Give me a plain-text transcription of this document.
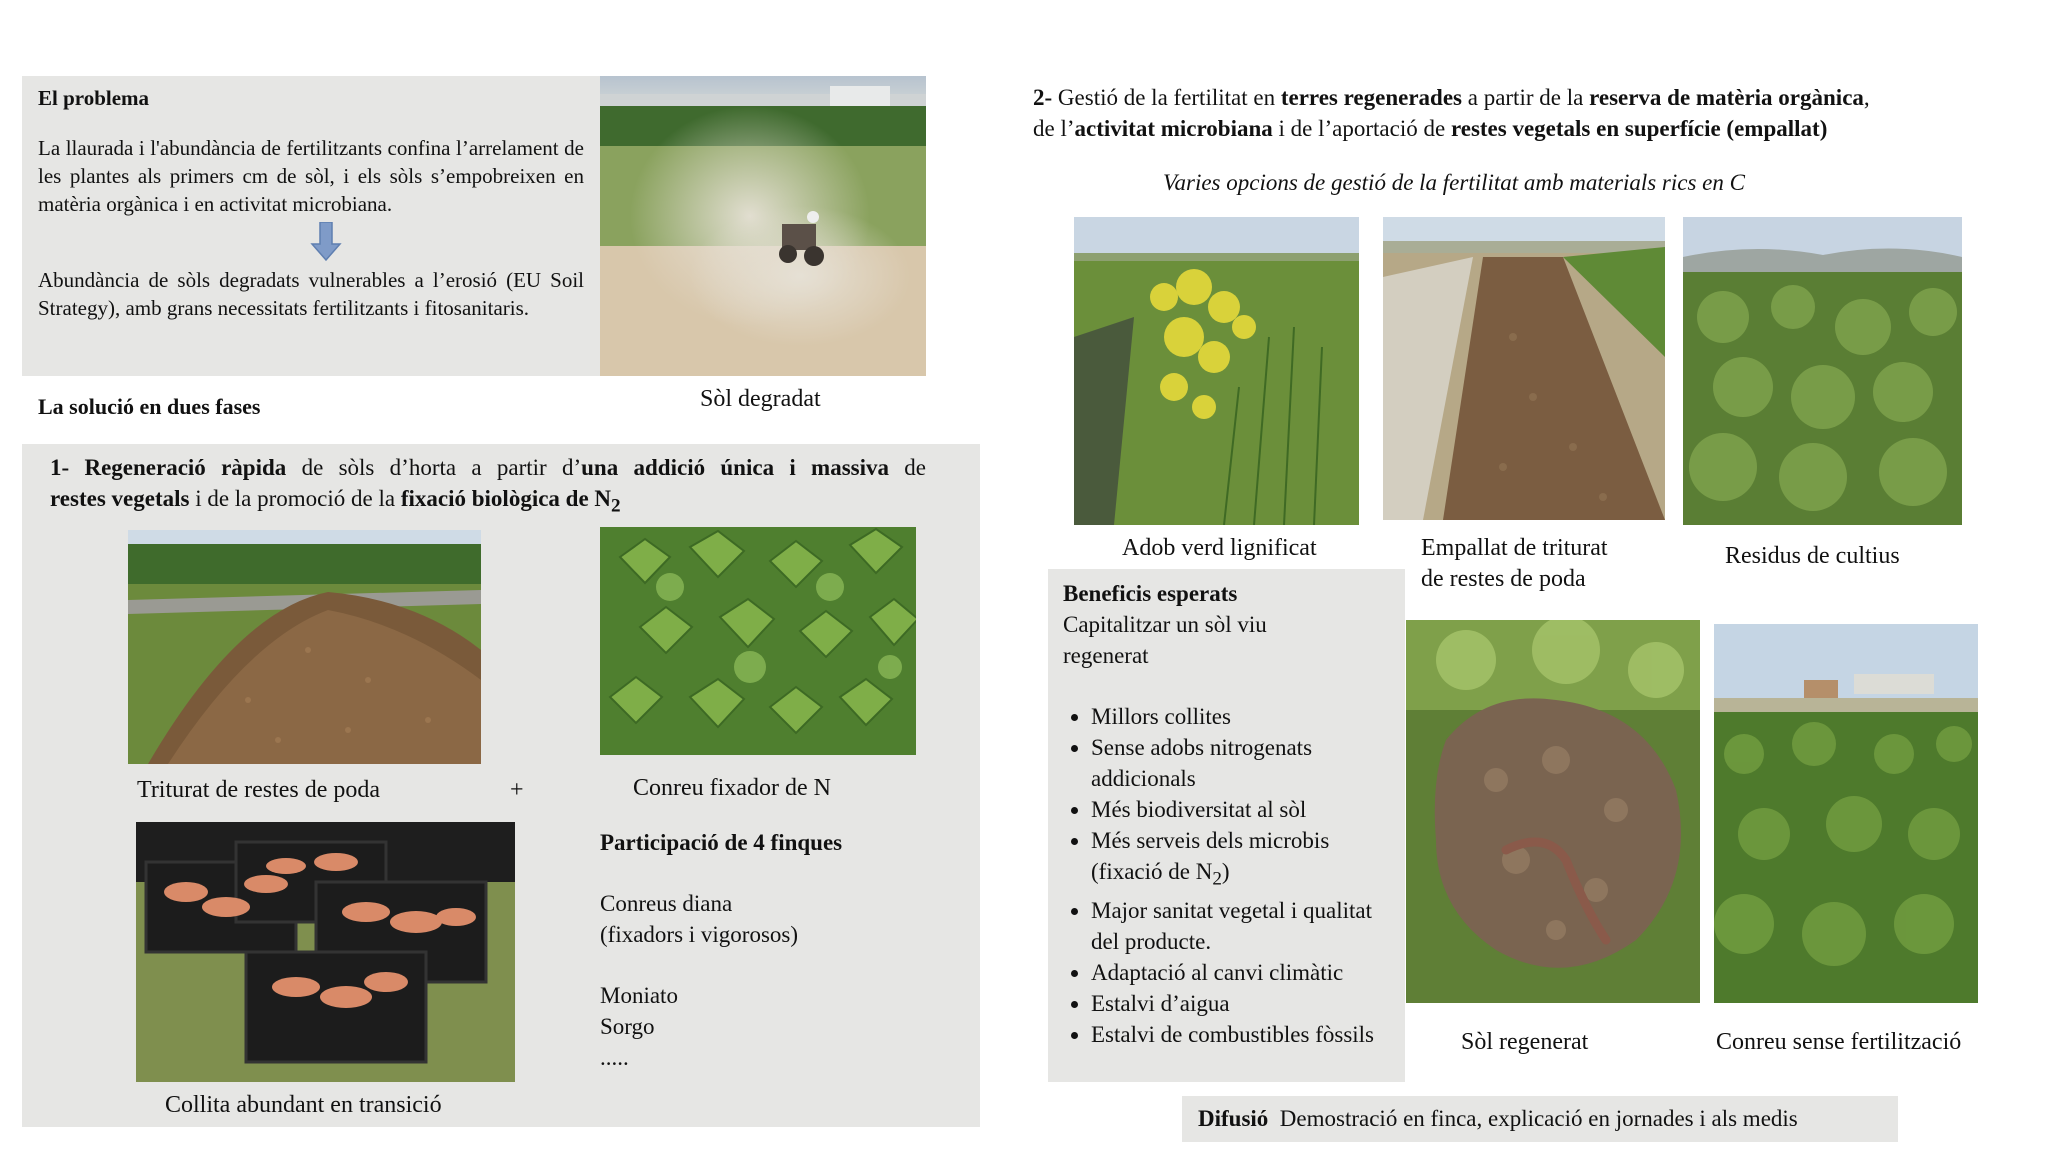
El problema
La llaurada i l'abundància de fertilitzants confina l’arrelament de les plantes als primers cm de sòl, i els sòls s’empobreixen en matèria orgànica i en activitat microbiana.
Abundància de sòls degradats vulnerables a l’erosió (EU Soil Strategy), amb grans necessitats fertilitzants i fitosanitaris.
Sòl degradat
La solució en dues fases
1- Regeneració ràpida de sòls d’horta a partir d’una addició única i massiva de
restes vegetals i de la promoció de la fixació biològica de $N_2$
Triturat de restes de poda	+	Conreu fixador de N
Collita abundant en transició
Participació de 4 finques
Conreus diana
(fixadors i vigorosos)
Moniato
Sorgo
.....
2- Gestió de la fertilitat en terres regenerades a partir de la reserva de matèria orgànica,
de l’activitat microbiana i de l’aportació de restes vegetals en superfície (empallat)
Varies opcions de gestió de la fertilitat amb materials rics en C
Adob verd lignificat	Empallat de triturat
de restes de poda
Residus de cultius
Beneficis esperats
Capitalitzar un sòl viu
regenerat
• Millors collites
• Sense adobs nitrogenats addicionals
• Més biodiversitat al sòl
• Més serveis dels microbis
(fixació de $N_2$)
• Major sanitat vegetal i qualitat del producte.
• Adaptació al canvi climàtic
• Estalvi d’aigua
• Estalvi de combustibles fòssils	Sòl regenerat	Conreu sense fertilització
Difusió Demostració en finca, explicació en jornades i als medis
